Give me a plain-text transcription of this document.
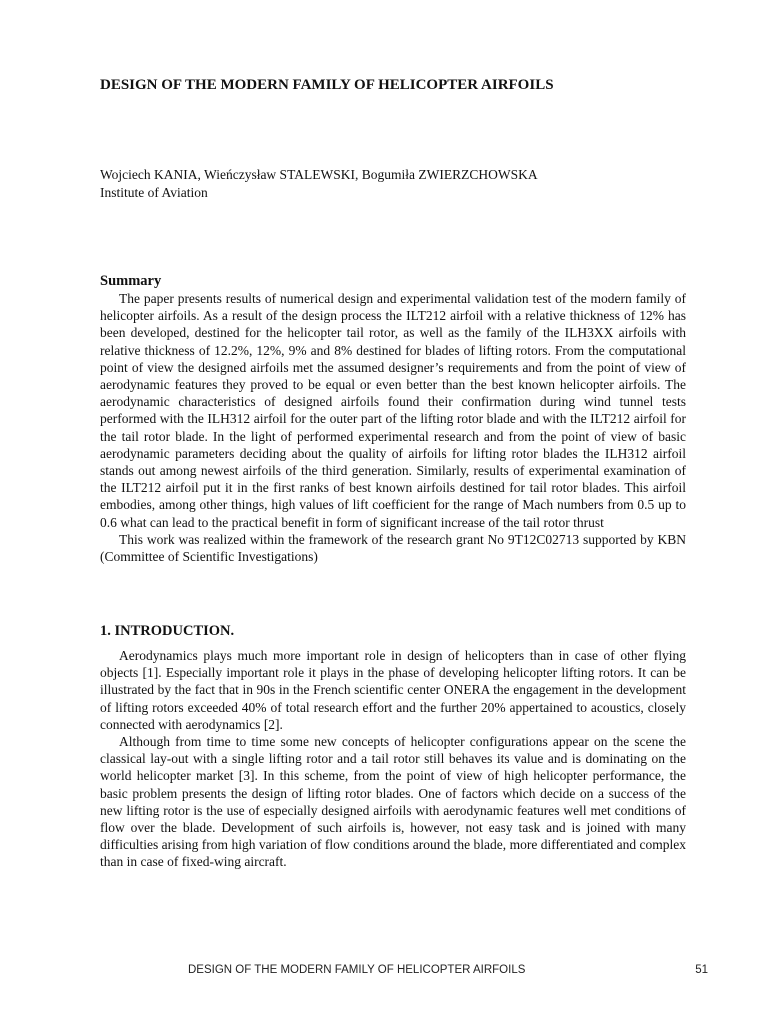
DESIGN OF THE MODERN FAMILY OF HELICOPTER AIRFOILS
Wojciech KANIA, Wieńczysław STALEWSKI, Bogumiła ZWIERZCHOWSKA
Institute of Aviation
Summary

The paper presents results of numerical design and experimental validation test of the modern family of helicopter airfoils. As a result of the design process the ILT212 airfoil with a relative thickness of 12% has been developed, destined for the helicopter tail rotor, as well as the family of the ILH3XX airfoils with relative thickness of 12.2%, 12%, 9% and 8% destined for blades of lifting rotors. From the computational point of view the designed airfoils met the assumed designer’s requirements and from the point of view of aerodynamic features they proved to be equal or even better than the best known helicopter airfoils. The aerodynamic characteristics of designed airfoils found their confirmation during wind tunnel tests performed with the ILH312 airfoil for the outer part of the lifting rotor blade and with the ILT212 airfoil for the tail rotor blade. In the light of performed experimental research and from the point of view of basic aerodynamic parameters deciding about the quality of airfoils for lifting rotor blades the ILH312 airfoil stands out among newest airfoils of the third generation. Similarly, results of experimental examination of the ILT212 airfoil put it in the first ranks of best known airfoils destined for tail rotor blades. This airfoil embodies, among other things, high values of lift coefficient for the range of Mach numbers from 0.5 up to 0.6 what can lead to the practical benefit in form of significant increase of the tail rotor thrust

This work was realized within the framework of the research grant No 9T12C02713 supported by KBN (Committee of Scientific Investigations)

1. INTRODUCTION.

Aerodynamics plays much more important role in design of helicopters than in case of other flying objects [1]. Especially important role it plays in the phase of developing helicopter lifting rotors. It can be illustrated by the fact that in 90s in the French scientific center ONERA the engagement in the development of lifting rotors exceeded 40% of total research effort and the further 20% appertained to acoustics, closely connected with aerodynamics [2].

Although from time to time some new concepts of helicopter configurations appear on the scene the classical lay-out with a single lifting rotor and a tail rotor still behaves its value and is dominating on the world helicopter market [3]. In this scheme, from the point of view of high helicopter performance, the basic problem presents the design of lifting rotor blades. One of factors which decide on a success of the new lifting rotor is the use of especially designed airfoils with aerodynamic features well met conditions of flow over the blade. Development of such airfoils is, however, not easy task and is joined with many difficulties arising from high variation of flow conditions around the blade, more differentiated and complex than in case of fixed-wing aircraft.

DESIGN OF THE MODERN FAMILY OF HELICOPTER AIRFOILS	51
